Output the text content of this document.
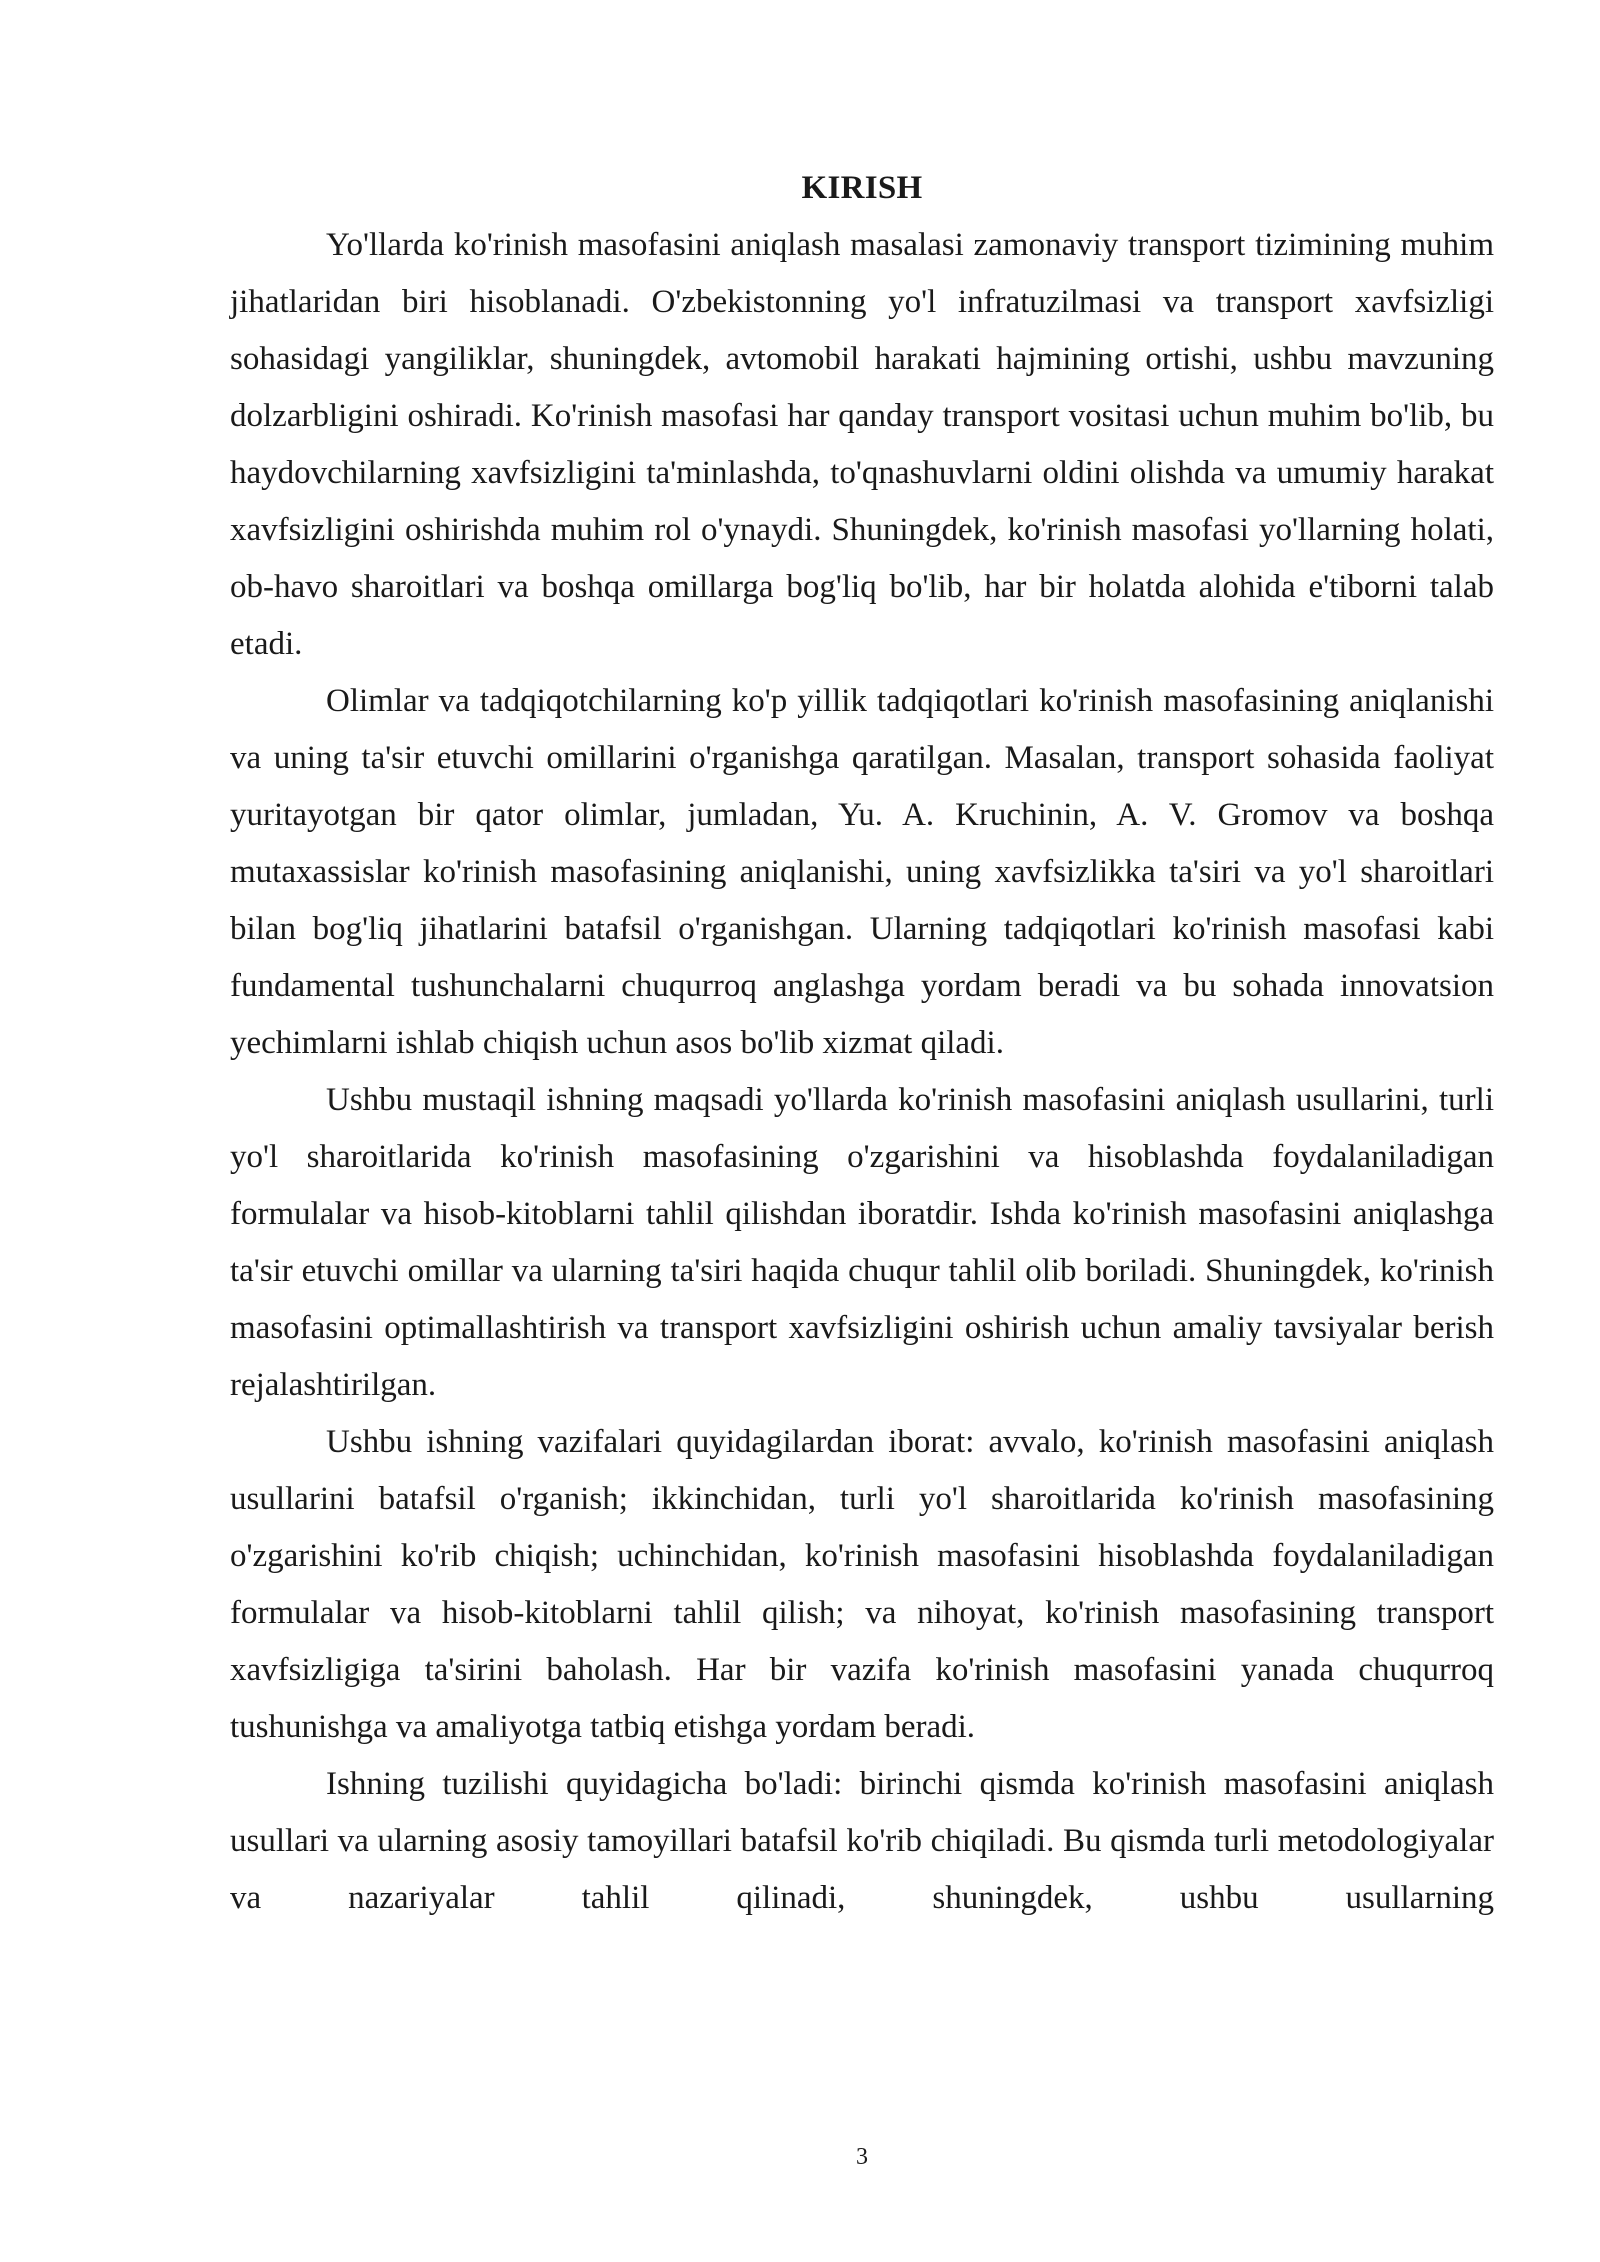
KIRISH

Yo'llarda ko'rinish masofasini aniqlash masalasi zamonaviy transport tizimining muhim jihatlaridan biri hisoblanadi. O'zbekistonning yo'l infratuzilmasi va transport xavfsizligi sohasidagi yangiliklar, shuningdek, avtomobil harakati hajmining ortishi, ushbu mavzuning dolzarbligini oshiradi. Ko'rinish masofasi har qanday transport vositasi uchun muhim bo'lib, bu haydovchilarning xavfsizligini ta'minlashda, to'qnashuvlarni oldini olishda va umumiy harakat xavfsizligini oshirishda muhim rol o'ynaydi. Shuningdek, ko'rinish masofasi yo'llarning holati, ob-havo sharoitlari va boshqa omillarga bog'liq bo'lib, har bir holatda alohida e'tiborni talab etadi.

Olimlar va tadqiqotchilarning ko'p yillik tadqiqotlari ko'rinish masofasining aniqlanishi va uning ta'sir etuvchi omillarini o'rganishga qaratilgan. Masalan, transport sohasida faoliyat yuritayotgan bir qator olimlar, jumladan, Yu. A. Kruchinin, A. V. Gromov va boshqa mutaxassislar ko'rinish masofasining aniqlanishi, uning xavfsizlikka ta'siri va yo'l sharoitlari bilan bog'liq jihatlarini batafsil o'rganishgan. Ularning tadqiqotlari ko'rinish masofasi kabi fundamental tushunchalarni chuqurroq anglashga yordam beradi va bu sohada innovatsion yechimlarni ishlab chiqish uchun asos bo'lib xizmat qiladi.

Ushbu mustaqil ishning maqsadi yo'llarda ko'rinish masofasini aniqlash usullarini, turli yo'l sharoitlarida ko'rinish masofasining o'zgarishini va hisoblashda foydalaniladigan formulalar va hisob-kitoblarni tahlil qilishdan iboratdir. Ishda ko'rinish masofasini aniqlashga ta'sir etuvchi omillar va ularning ta'siri haqida chuqur tahlil olib boriladi. Shuningdek, ko'rinish masofasini optimallashtirish va transport xavfsizligini oshirish uchun amaliy tavsiyalar berish rejalashtirilgan.

Ushbu ishning vazifalari quyidagilardan iborat: avvalo, ko'rinish masofasini aniqlash usullarini batafsil o'rganish; ikkinchidan, turli yo'l sharoitlarida ko'rinish masofasining o'zgarishini ko'rib chiqish; uchinchidan, ko'rinish masofasini hisoblashda foydalaniladigan formulalar va hisob-kitoblarni tahlil qilish; va nihoyat, ko'rinish masofasining transport xavfsizligiga ta'sirini baholash. Har bir vazifa ko'rinish masofasini yanada chuqurroq tushunishga va amaliyotga tatbiq etishga yordam beradi.

Ishning tuzilishi quyidagicha bo'ladi: birinchi qismda ko'rinish masofasini aniqlash usullari va ularning asosiy tamoyillari batafsil ko'rib chiqiladi. Bu qismda turli metodologiyalar va nazariyalar tahlil qilinadi, shuningdek, ushbu usullarning

3
